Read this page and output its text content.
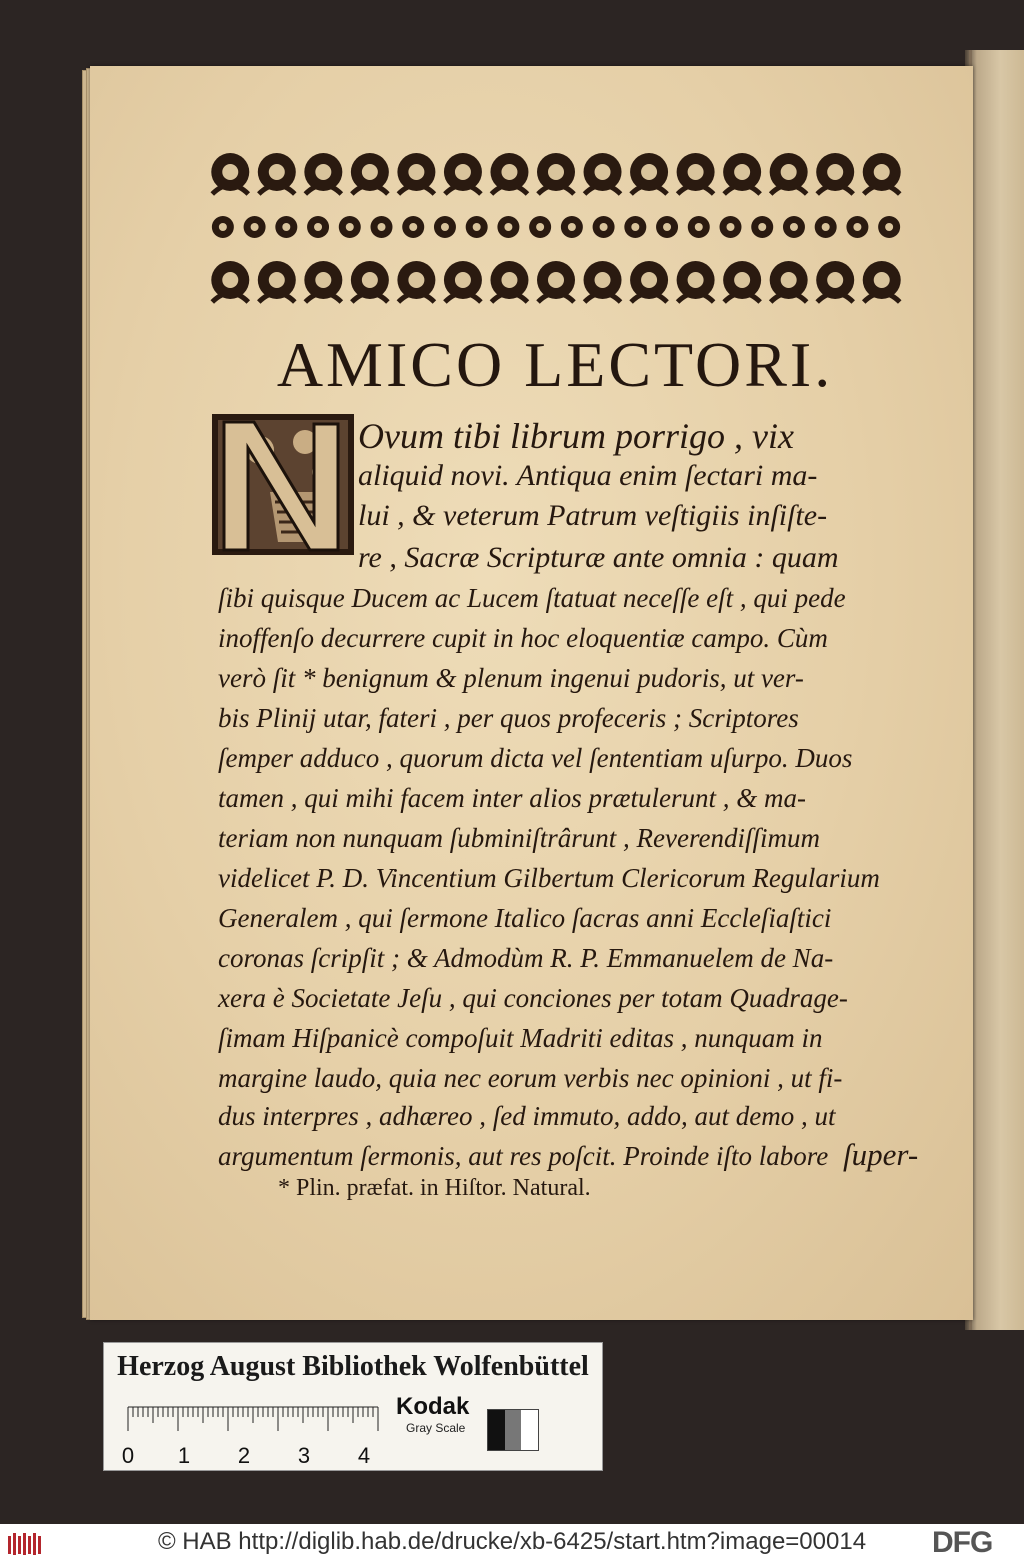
AMICO LECTORI.
Ovum tibi librum porrigo , vix
aliquid novi. Antiqua enim ſectari ma-
lui , & veterum Patrum veſtigiis inſiſte-
re , Sacræ Scripturæ ante omnia : quam
ſibi quisque Ducem ac Lucem ſtatuat neceſſe eſt , qui pede
inoffenſo decurrere cupit in hoc eloquentiæ campo. Cùm
verò ſit * benignum & plenum ingenui pudoris, ut ver-
bis Plinij utar, fateri , per quos profeceris ; Scriptores
ſemper adduco , quorum dicta vel ſententiam uſurpo. Duos
tamen , qui mihi facem inter alios prætulerunt , & ma-
teriam non nunquam ſubminiſtrârunt , Reverendiſſimum
videlicet P. D. Vincentium Gilbertum Clericorum Regularium
Generalem , qui ſermone Italico ſacras anni Eccleſiaſtici
coronas ſcripſit ; & Admodùm R. P. Emmanuelem de Na-
xera è Societate Jeſu , qui conciones per totam Quadrage-
ſimam Hiſpanicè compoſuit Madriti editas , nunquam in
margine laudo, quia nec eorum verbis nec opinioni , ut fi-
dus interpres , adhæreo , ſed immuto, addo, aut demo , ut
argumentum ſermonis, aut res poſcit. Proinde iſto labore ſuper-
* Plin. præfat. in Hiſtor. Natural.
Herzog August Bibliothek Wolfenbüttel
0 1 2 3 4
Kodak
Gray Scale
© HAB http://diglib.hab.de/drucke/xb-6425/start.htm?image=00014	DFG
